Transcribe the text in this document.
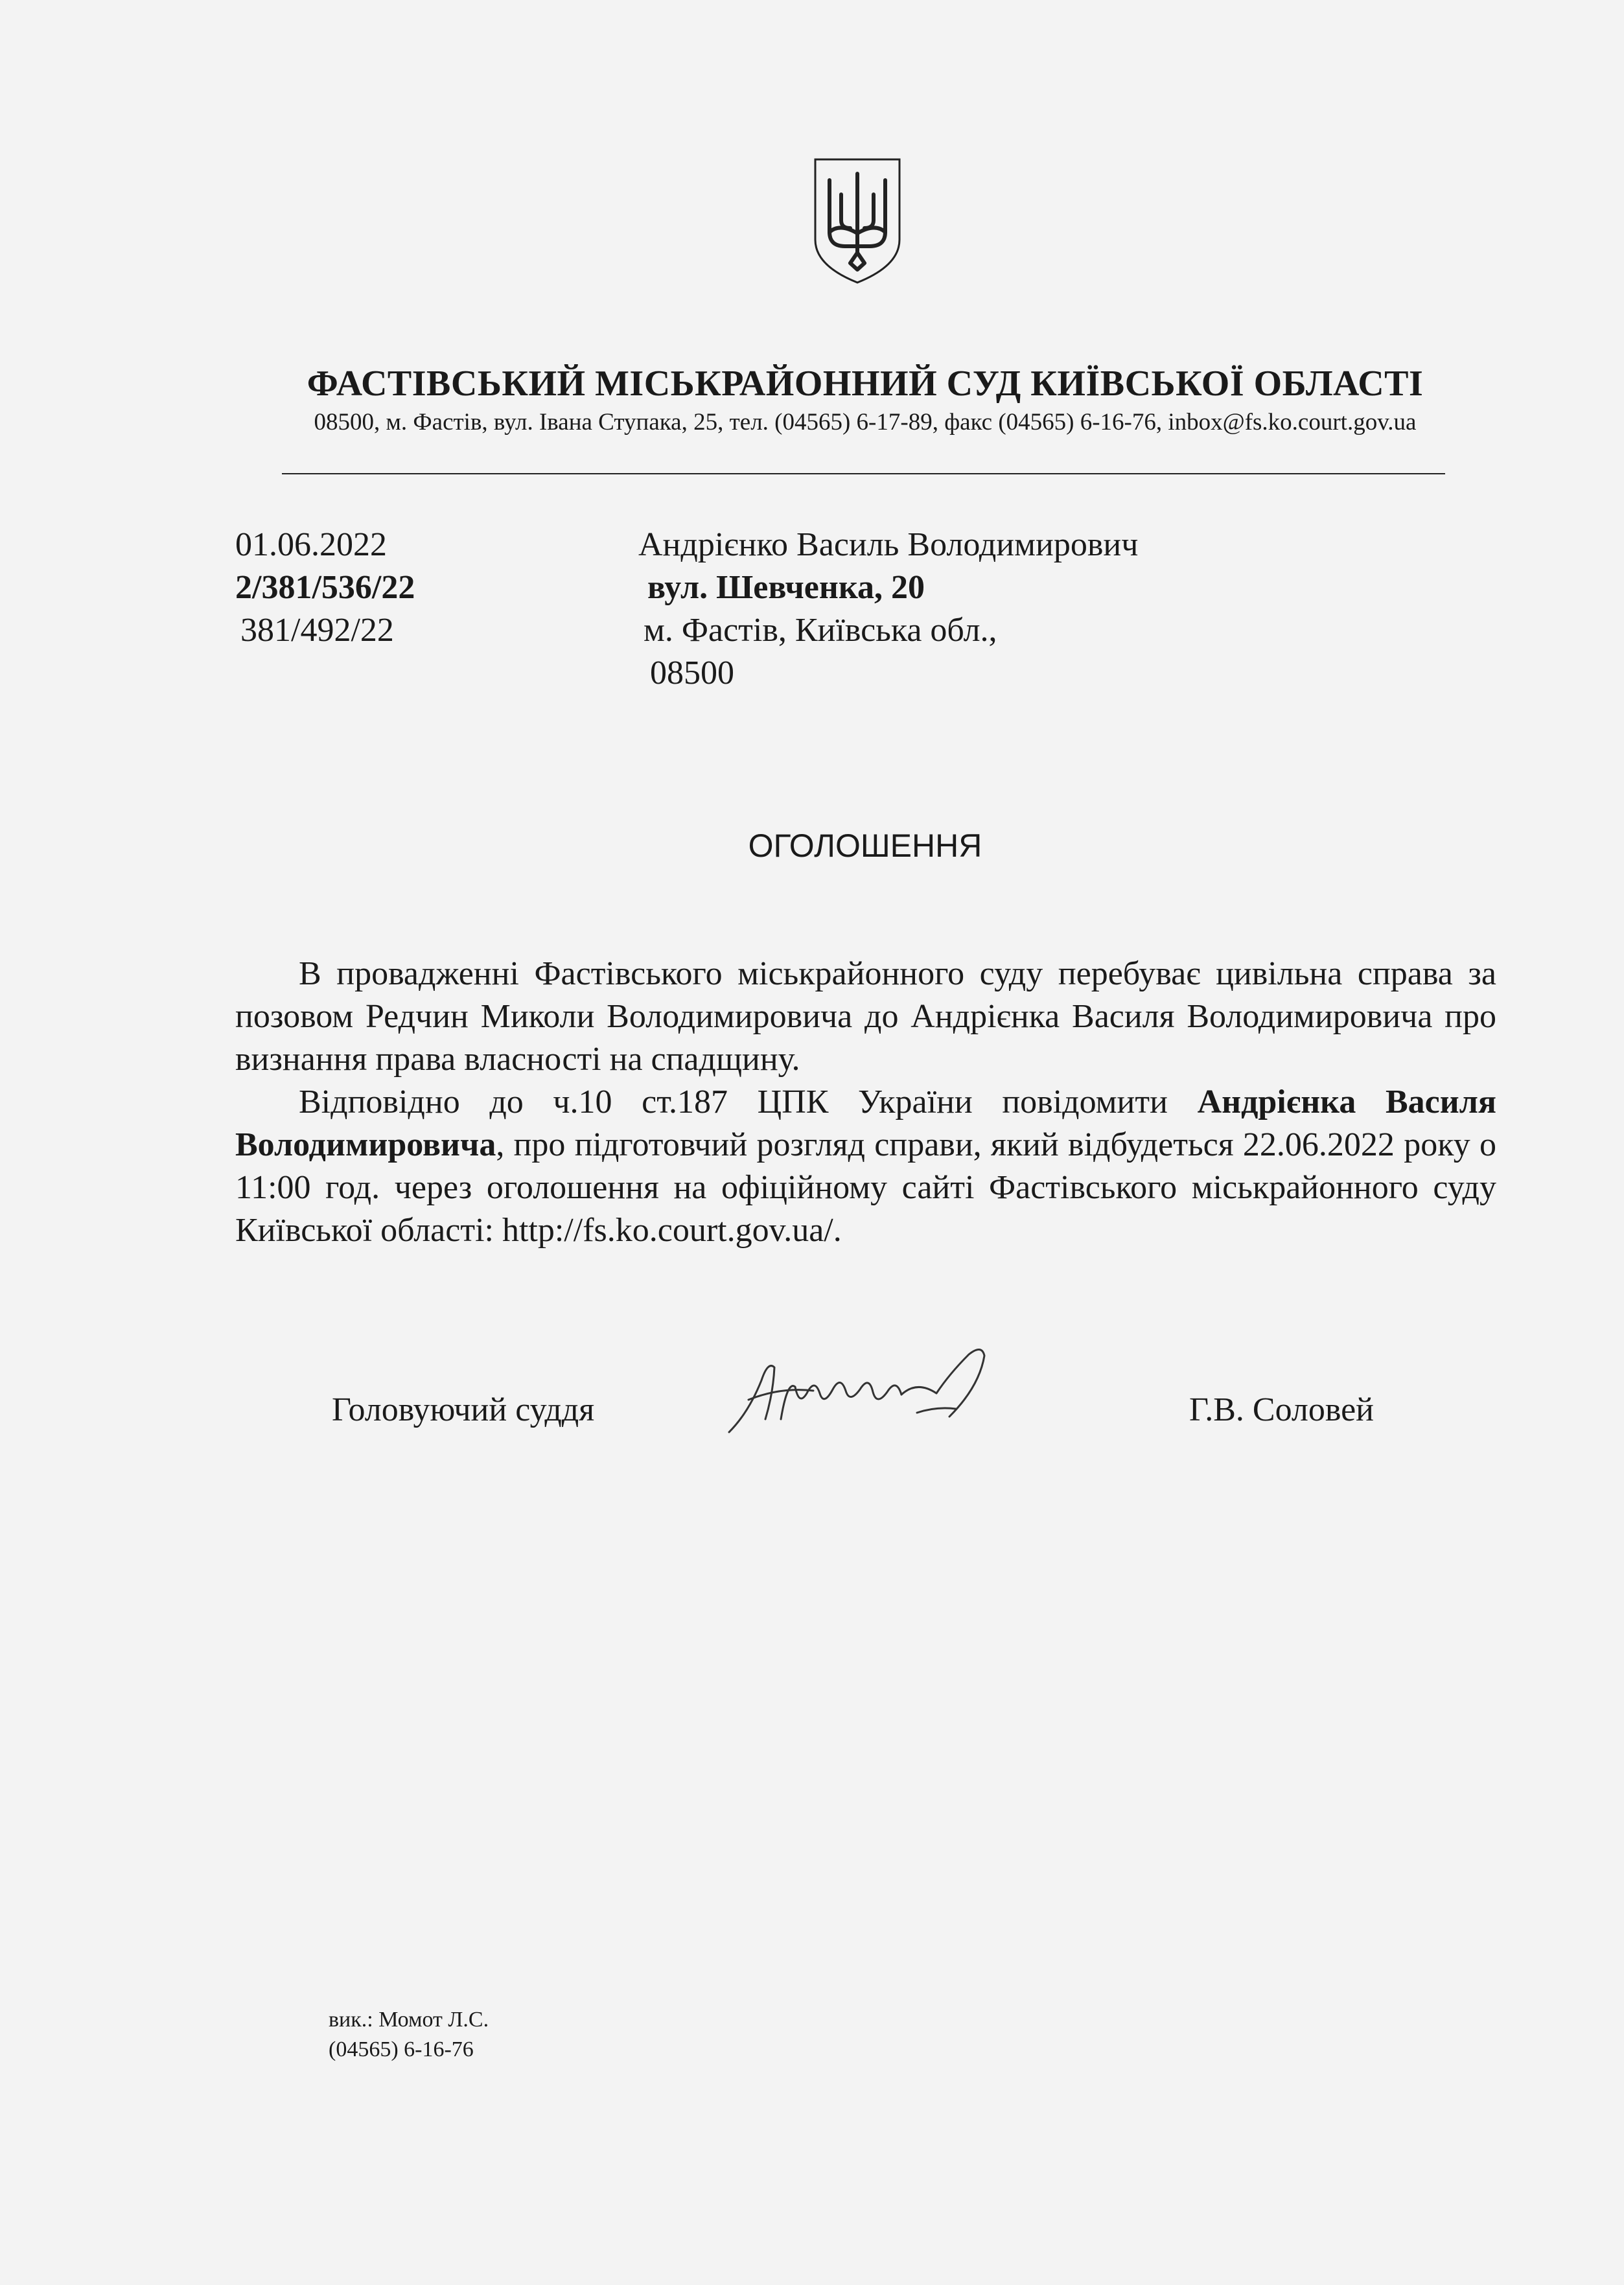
ФАСТІВСЬКИЙ МІСЬКРАЙОННИЙ СУД КИЇВСЬКОЇ ОБЛАСТІ
08500, м. Фастів, вул. Івана Ступака, 25, тел. (04565) 6-17-89, факс (04565) 6-16-76, inbox@fs.ko.court.gov.ua
01.06.2022
2/381/536/22
381/492/22
Андрієнко Василь Володимирович
вул. Шевченка, 20
м. Фастів, Київська обл.,
08500
ОГОЛОШЕННЯ

В провадженні Фастівського міськрайонного суду перебуває цивільна справа за позовом Редчин Миколи Володимировича до Андрієнка Василя Володимировича про визнання права власності на спадщину.

Відповідно до ч.10 ст.187 ЦПК України повідомити Андрієнка Василя Володимировича, про підготовчий розгляд справи, який відбудеться 22.06.2022 року о 11:00 год. через оголошення на офіційному сайті Фастівського міськрайонного суду Київської області: http://fs.ko.court.gov.ua/.

Головуючий суддя	Г.В. Соловей
вик.: Момот Л.С.
(04565) 6-16-76
